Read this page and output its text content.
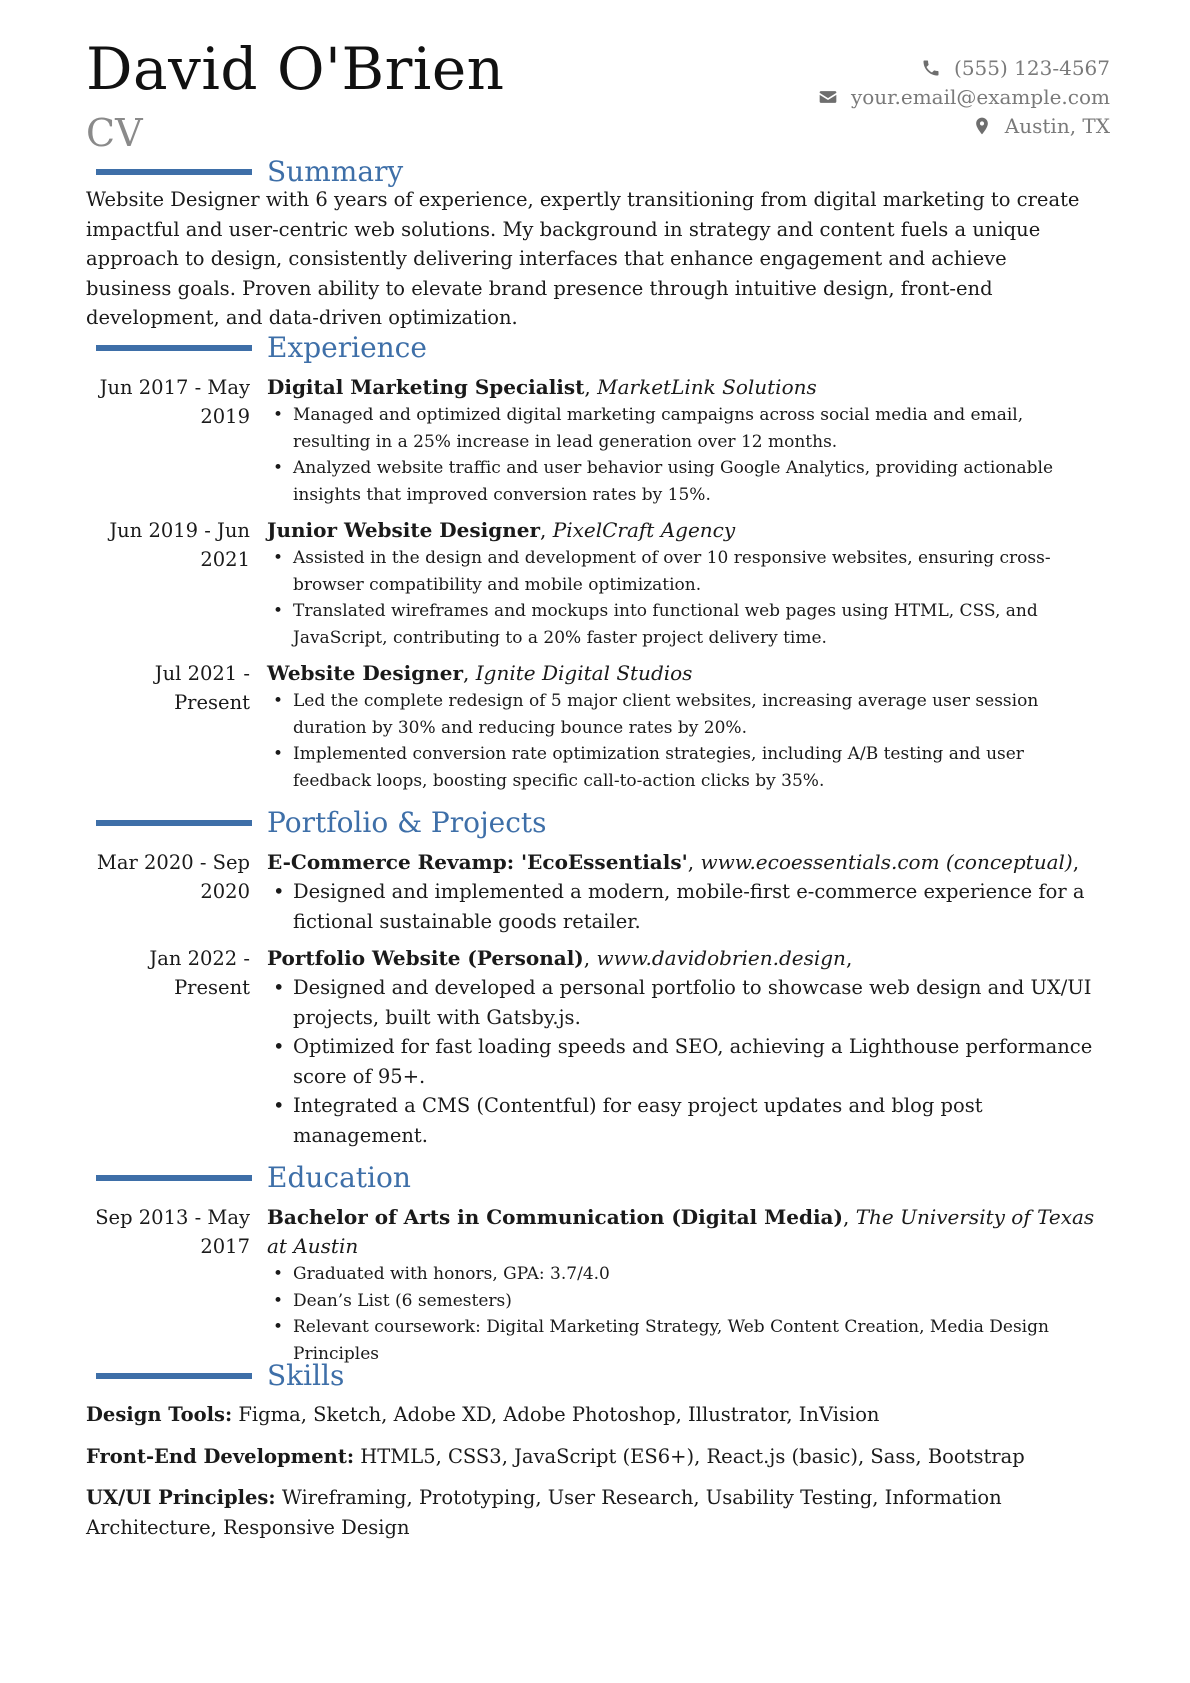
David O'Brien
CV
(555) 123-4567
your.email@example.com
Austin, TX
Summary
Website Designer with 6 years of experience, expertly transitioning from digital marketing to create impactful and user-centric web solutions. My background in strategy and content fuels a unique approach to design, consistently delivering interfaces that enhance engagement and achieve business goals. Proven ability to elevate brand presence through intuitive design, front-end development, and data-driven optimization.
Experience
Jun 2017 - May 2019
Digital Marketing Specialist, MarketLink Solutions
• Managed and optimized digital marketing campaigns across social media and email, resulting in a 25% increase in lead generation over 12 months.
• Analyzed website traffic and user behavior using Google Analytics, providing actionable insights that improved conversion rates by 15%.
Jun 2019 - Jun 2021
Junior Website Designer, PixelCraft Agency
• Assisted in the design and development of over 10 responsive websites, ensuring cross-browser compatibility and mobile optimization.
• Translated wireframes and mockups into functional web pages using HTML, CSS, and JavaScript, contributing to a 20% faster project delivery time.
Jul 2021 - Present
Website Designer, Ignite Digital Studios
• Led the complete redesign of 5 major client websites, increasing average user session duration by 30% and reducing bounce rates by 20%.
• Implemented conversion rate optimization strategies, including A/B testing and user feedback loops, boosting specific call-to-action clicks by 35%.
Portfolio & Projects
Mar 2020 - Sep 2020
E-Commerce Revamp: 'EcoEssentials', www.ecoessentials.com (conceptual),
• Designed and implemented a modern, mobile-first e-commerce experience for a fictional sustainable goods retailer.
Jan 2022 - Present
Portfolio Website (Personal), www.davidobrien.design,
• Designed and developed a personal portfolio to showcase web design and UX/UI projects, built with Gatsby.js.
• Optimized for fast loading speeds and SEO, achieving a Lighthouse performance score of 95+.
• Integrated a CMS (Contentful) for easy project updates and blog post management.
Education
Sep 2013 - May 2017
Bachelor of Arts in Communication (Digital Media), The University of Texas at Austin
• Graduated with honors, GPA: 3.7/4.0
• Dean’s List (6 semesters)
• Relevant coursework: Digital Marketing Strategy, Web Content Creation, Media Design Principles
Skills
Design Tools: Figma, Sketch, Adobe XD, Adobe Photoshop, Illustrator, InVision
Front-End Development: HTML5, CSS3, JavaScript (ES6+), React.js (basic), Sass, Bootstrap
UX/UI Principles: Wireframing, Prototyping, User Research, Usability Testing, Information Architecture, Responsive Design
